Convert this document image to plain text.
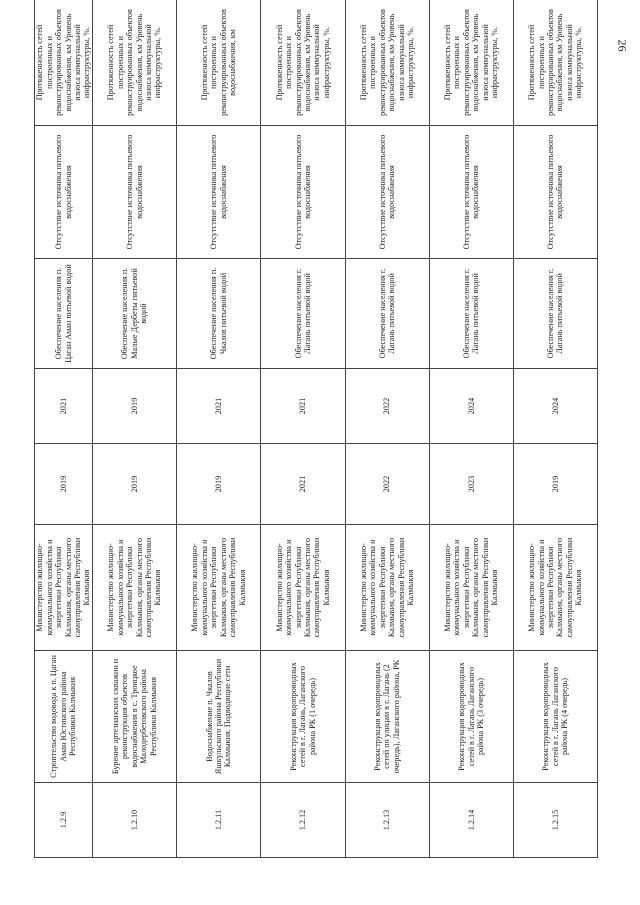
26
1.2.9
Строительство водовода к п. Цаган Аман Юстинского района Республики Калмыкия
Министерство жилищно-коммунального хозяйства и энергетики Республики Калмыкия, органы местного самоуправления Республики Калмыкия
2019
2021
Обеспечение населения п. Цаган Аман питьевой водой
Отсутствие источника питьевого водоснабжения
Протяженность сетей построенных и реконструированных объектов водоснабжения, км Уровень износа коммунальной инфраструктуры, %.
1.2.10
Бурение артезианских скважин и реконструкция объектов водоснабжения в с. Троицкое Малодербетовского района Республики Калмыкия
Министерство жилищно-коммунального хозяйства и энергетики Республики Калмыкия, органы местного самоуправления Республики Калмыкия
2019
2019
Обеспечение населения п. Малые Дербеты питьевой водой
Отсутствие источника питьевого водоснабжения
Протяженность сетей построенных и реконструированных объектов водоснабжения, км Уровень износа коммунальной инфраструктуры, %.
1.2.11
Водоснабжение п. Чкалов Яшкульского района Республики Калмыкия. Подводящие сети
Министерство жилищно-коммунального хозяйства и энергетики Республики Калмыкия, органы местного самоуправления Республики Калмыкия
2019
2021
Обеспечение населения п. Чкалов питьевой водой
Отсутствие источника питьевого водоснабжения
Протяженность сетей построенных и реконструированных объектов водоснабжения, км
1.2.12
Реконструкция водопроводных сетей в г. Лагань, Лаганского района РК (1 очередь)
Министерство жилищно-коммунального хозяйства и энергетики Республики Калмыкия, органы местного самоуправления Республики Калмыкия
2021
2021
Обеспечение населения г. Лагань питьевой водой
Отсутствие источника питьевого водоснабжения
Протяженность сетей построенных и реконструированных объектов водоснабжения, км Уровень износа коммунальной инфраструктуры, %.
1.2.13
Реконструкция водопроводных сетей по улицам в г. Лагань (2 очередь), Лаганского района, РК
Министерство жилищно-коммунального хозяйства и энергетики Республики Калмыкия, органы местного самоуправления Республики Калмыкия
2022
2022
Обеспечение населения г. Лагань питьевой водой
Отсутствие источника питьевого водоснабжения
Протяженность сетей построенных и реконструированных объектов водоснабжения, км Уровень износа коммунальной инфраструктуры, %.
1.2.14
Реконструкция водопроводных сетей в г. Лагань Лаганского района РК (3 очередь)
Министерство жилищно-коммунального хозяйства и энергетики Республики Калмыкия, органы местного самоуправления Республики Калмыкия
2023
2024
Обеспечение населения г. Лагань питьевой водой
Отсутствие источника питьевого водоснабжения
Протяженность сетей построенных и реконструированных объектов водоснабжения, км Уровень износа коммунальной инфраструктуры, %.
1.2.15
Реконструкция водопроводных сетей в г. Лагань Лаганского района РК (4 очередь)
Министерство жилищно-коммунального хозяйства и энергетики Республики Калмыкия, органы местного самоуправления Республики Калмыкия
2019
2024
Обеспечение населения г. Лагань питьевой водой
Отсутствие источника питьевого водоснабжения
Протяженность сетей построенных и реконструированных объектов водоснабжения, км Уровень износа коммунальной инфраструктуры, %.
